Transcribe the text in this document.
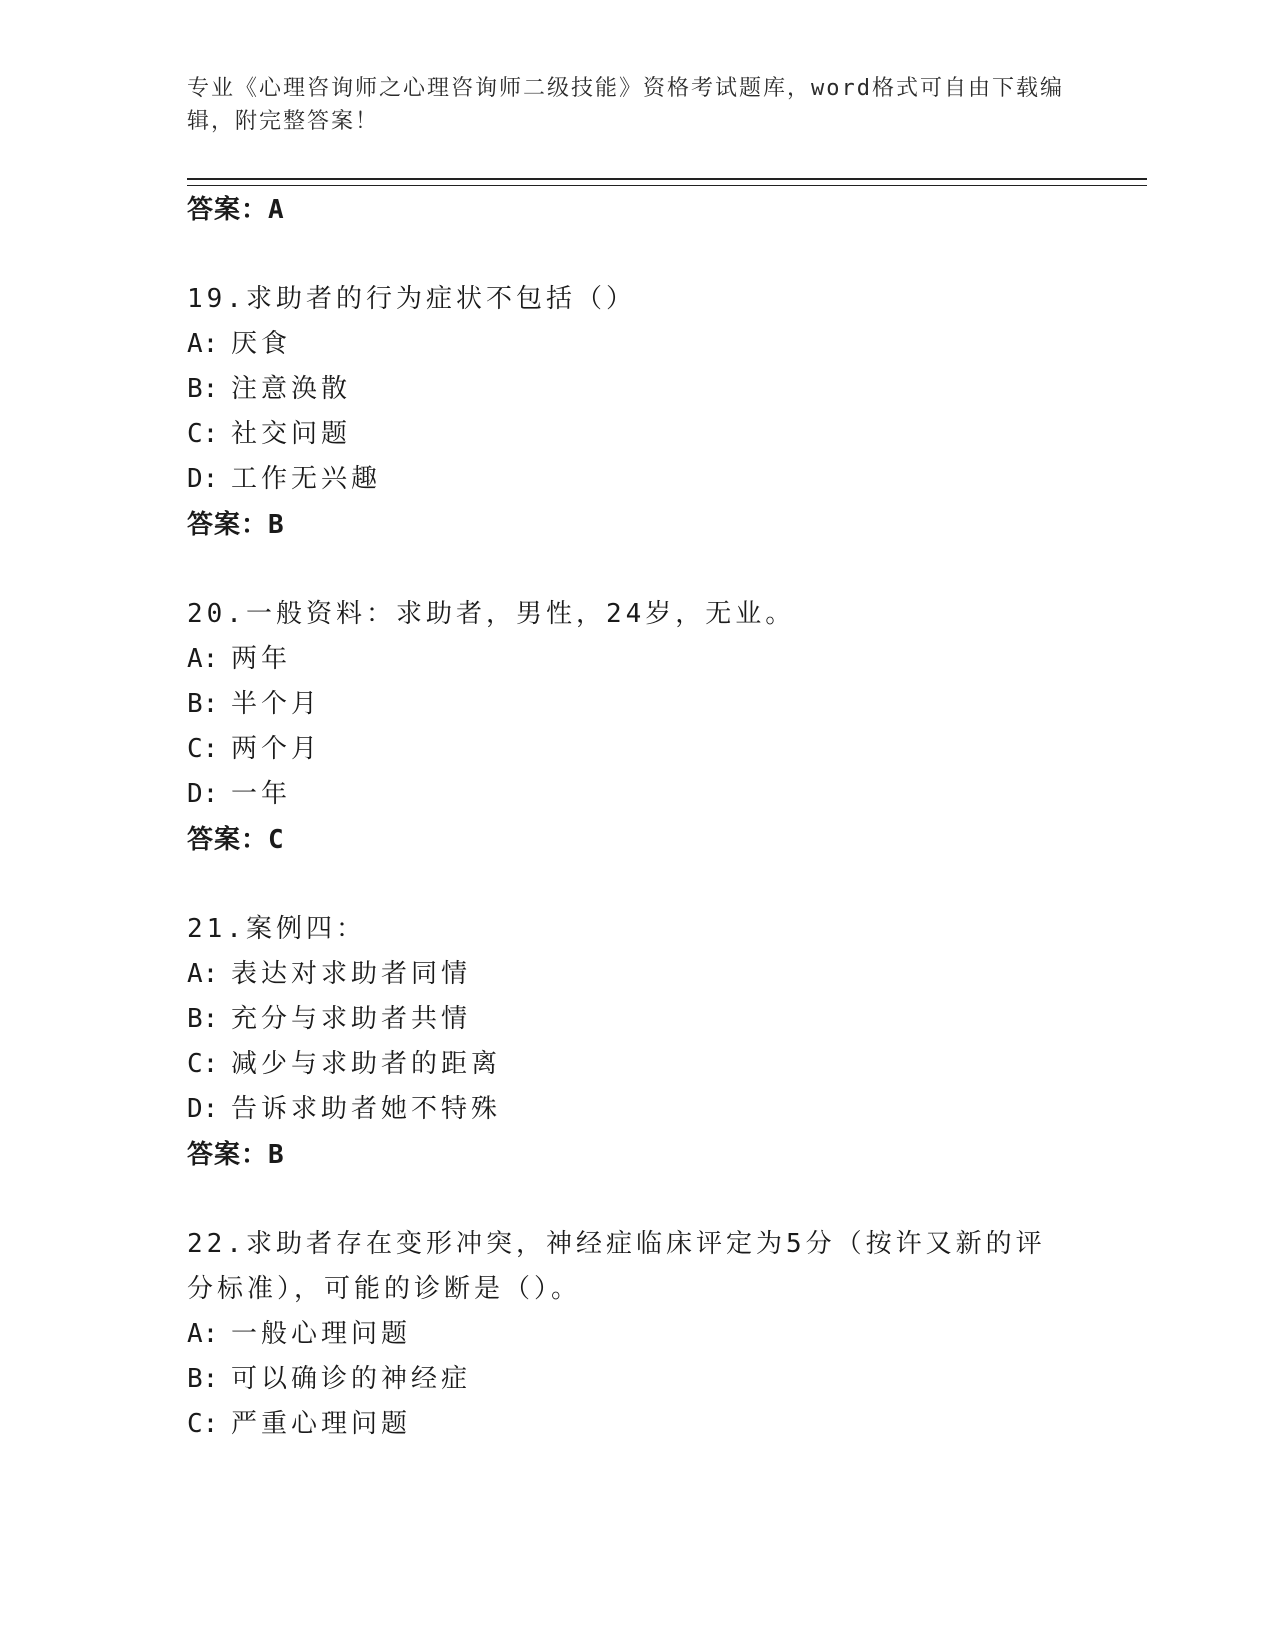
专业《心理咨询师之心理咨询师二级技能》资格考试题库，word格式可自由下载编辑，附完整答案！
答案：A
19.求助者的行为症状不包括（）
A: 厌食
B: 注意涣散
C: 社交问题
D: 工作无兴趣
答案：B
20.一般资料：求助者，男性，24岁，无业。
A: 两年
B: 半个月
C: 两个月
D: 一年
答案：C
21.案例四：
A: 表达对求助者同情
B: 充分与求助者共情
C: 减少与求助者的距离
D: 告诉求助者她不特殊
答案：B
22.求助者存在变形冲突，神经症临床评定为5分（按许又新的评分标准），可能的诊断是（）。
A: 一般心理问题
B: 可以确诊的神经症
C: 严重心理问题
